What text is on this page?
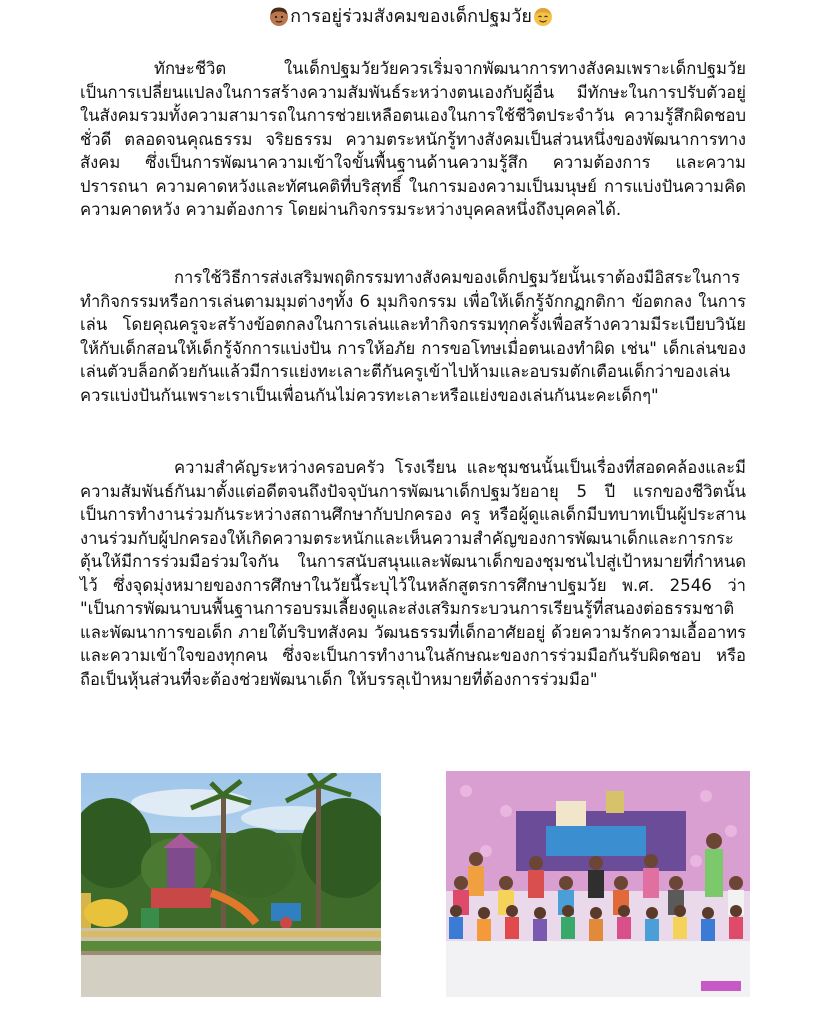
การอยู่ร่วมสังคมของเด็กปฐมวัย

ทักษะชีวิต ในเด็กปฐมวัยวัยควรเริ่มจากพัฒนาการทางสังคมเพราะเด็กปฐมวัยเป็นการเปลี่ยนแปลงในการสร้างความสัมพันธ์ระหว่างตนเองกับผู้อื่น มีทักษะในการปรับตัวอยู่ในสังคมรวมทั้งความสามารถในการช่วยเหลือตนเองในการใช้ชีวิตประจำวัน ความรู้สึกผิดชอบชั่วดี ตลอดจนคุณธรรม จริยธรรม ความตระหนักรู้ทางสังคมเป็นส่วนหนึ่งของพัฒนาการทางสังคม ซึ่งเป็นการพัฒนาความเข้าใจขั้นพื้นฐานด้านความรู้สึก ความต้องการ และความปรารถนา ความคาดหวังและทัศนคติที่บริสุทธิ์ ในการมองความเป็นมนุษย์ การแบ่งปันความคิด ความคาดหวัง ความต้องการ โดยผ่านกิจกรรมระหว่างบุคคลหนึ่งถึงบุคคลได้.

การใช้วิธีการส่งเสริมพฤติกรรมทางสังคมของเด็กปฐมวัยนั้นเราต้องมีอิสระในการทำกิจกรรมหรือการเล่นตามมุมต่างๆทั้ง 6 มุมกิจกรรม เพื่อให้เด็กรู้จักกฏกติกา ข้อตกลง ในการเล่น โดยคุณครูจะสร้างข้อตกลงในการเล่นและทำกิจกรรมทุกครั้งเพื่อสร้างความมีระเบียบวินัยให้กับเด็กสอนให้เด็กรู้จักการแบ่งปัน การให้อภัย การขอโทษเมื่อตนเองทำผิด เช่น" เด็กเล่นของเล่นตัวบล็อกด้วยกันแล้วมีการแย่งทะเลาะตีกันครูเข้าไปห้ามและอบรมตักเตือนเด็กว่าของเล่นควรแบ่งปันกันเพราะเราเป็นเพื่อนกันไม่ควรทะเลาะหรือแย่งของเล่นกันนะคะเด็กๆ"

ความสำคัญระหว่างครอบครัว โรงเรียน และชุมชนนั้นเป็นเรื่องที่สอดคล้องและมีความสัมพันธ์กันมาตั้งแต่อดีตจนถึงปัจจุบันการพัฒนาเด็กปฐมวัยอายุ 5 ปี แรกของชีวิตนั้นเป็นการทำงานร่วมกันระหว่างสถานศึกษากับปกครอง ครู หรือผู้ดูแลเด็กมีบทบาทเป็นผู้ประสานงานร่วมกับผู้ปกครองให้เกิดความตระหนักและเห็นความสำคัญของการพัฒนาเด็กและการกระตุ้นให้มีการร่วมมือร่วมใจกัน ในการสนับสนุนและพัฒนาเด็กของชุมชนไปสู่เป้าหมายที่กำหนดไว้ ซึ่งจุดมุ่งหมายของการศึกษาในวัยนี้ระบุไว้ในหลักสูตรการศึกษาปฐมวัย พ.ศ. 2546 ว่า "เป็นการพัฒนาบนพื้นฐานการอบรมเลี้ยงดูและส่งเสริมกระบวนการเรียนรู้ที่สนองต่อธรรมชาติและพัฒนาการขอเด็ก ภายใต้บริบทสังคม วัฒนธรรมที่เด็กอาศัยอยู่ ด้วยความรักความเอื้ออาทรและความเข้าใจของทุกคน ซึ่งจะเป็นการทำงานในลักษณะของการร่วมมือกันรับผิดชอบ หรือถือเป็นหุ้นส่วนที่จะต้องช่วยพัฒนาเด็ก ให้บรรลุเป้าหมายที่ต้องการร่วมมือ"
